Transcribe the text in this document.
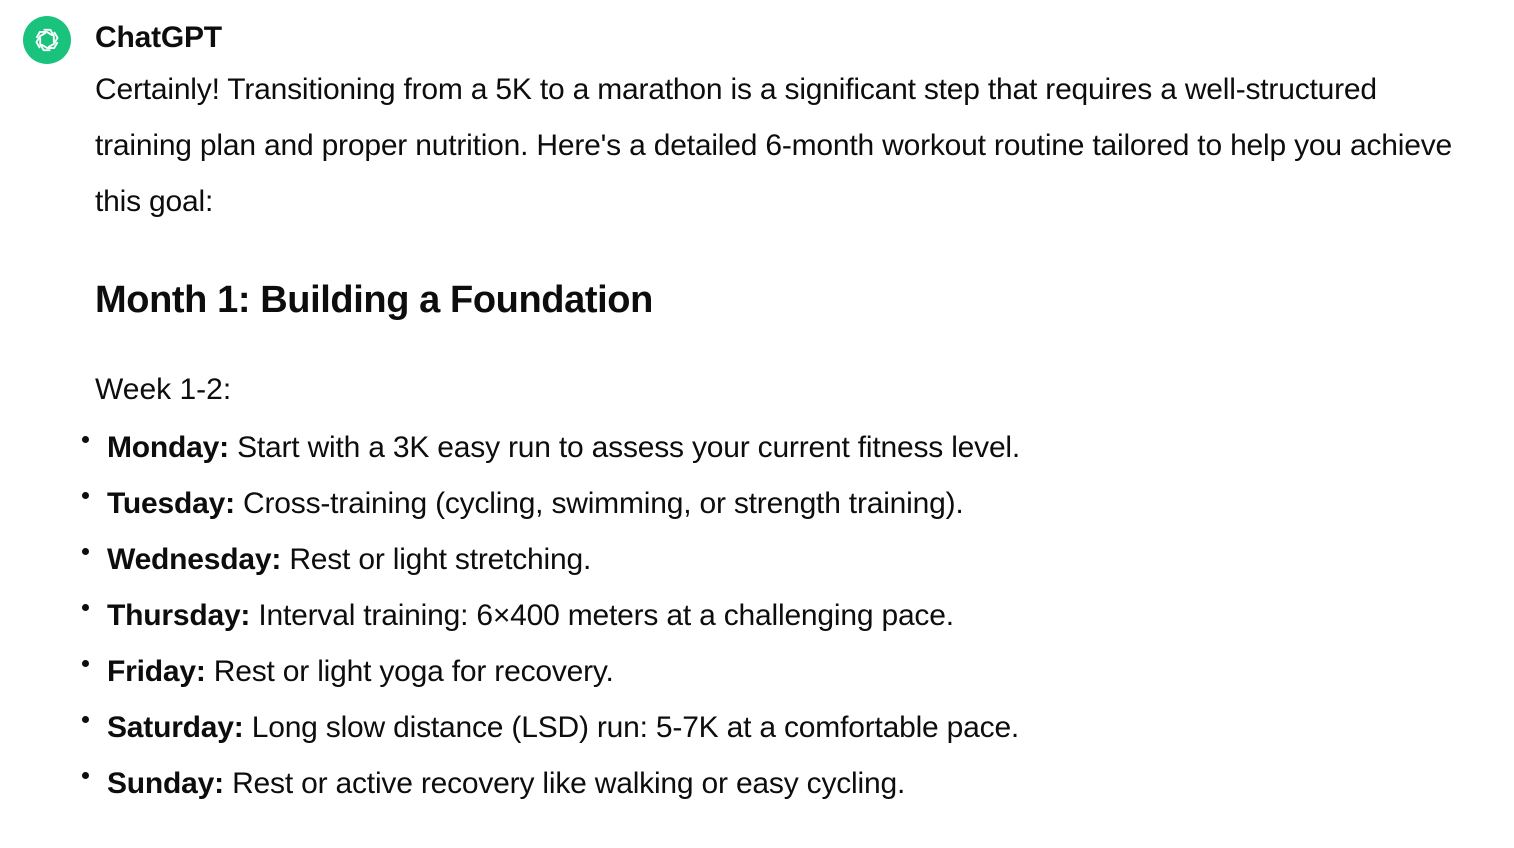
ChatGPT

Certainly! Transitioning from a 5K to a marathon is a significant step that requires a well-structured training plan and proper nutrition. Here's a detailed 6-month workout routine tailored to help you achieve this goal:

Month 1: Building a Foundation

Week 1-2:

Monday: Start with a 3K easy run to assess your current fitness level.
Tuesday: Cross-training (cycling, swimming, or strength training).
Wednesday: Rest or light stretching.
Thursday: Interval training: 6×400 meters at a challenging pace.
Friday: Rest or light yoga for recovery.
Saturday: Long slow distance (LSD) run: 5-7K at a comfortable pace.
Sunday: Rest or active recovery like walking or easy cycling.
